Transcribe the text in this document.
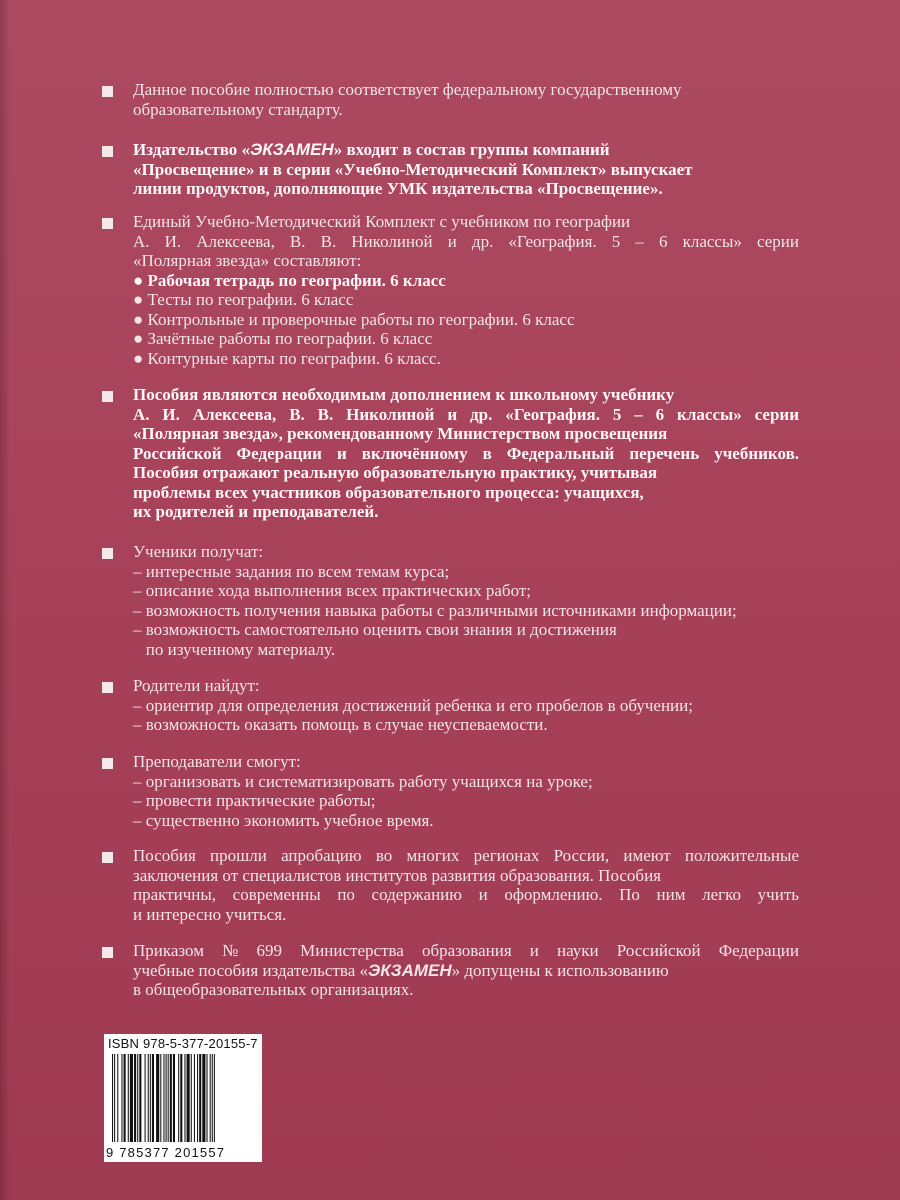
Данное пособие полностью соответствует федеральному государственному
образовательному стандарту.
Издательство «ЭКЗАМЕН» входит в состав группы компаний
«Просвещение» и в серии «Учебно-Методический Комплект» выпускает
линии продуктов, дополняющие УМК издательства «Просвещение».
Единый Учебно-Методический Комплект с учебником по географии
А. И. Алексеева, В. В. Николиной и др. «География. 5 – 6 классы» серии
«Полярная звезда» составляют:
● Рабочая тетрадь по географии. 6 класс
● Тесты по географии. 6 класс
● Контрольные и проверочные работы по географии. 6 класс
● Зачётные работы по географии. 6 класс
● Контурные карты по географии. 6 класс.
Пособия являются необходимым дополнением к школьному учебнику
А. И. Алексеева, В. В. Николиной и др. «География. 5 – 6 классы» серии
«Полярная звезда», рекомендованному Министерством просвещения
Российской Федерации и включённому в Федеральный перечень учебников.
Пособия отражают реальную образовательную практику, учитывая
проблемы всех участников образовательного процесса: учащихся,
их родителей и преподавателей.
Ученики получат:
– интересные задания по всем темам курса;
– описание хода выполнения всех практических работ;
– возможность получения навыка работы с различными источниками информации;
– возможность самостоятельно оценить свои знания и достижения
по изученному материалу.
Родители найдут:
– ориентир для определения достижений ребенка и его пробелов в обучении;
– возможность оказать помощь в случае неуспеваемости.
Преподаватели смогут:
– организовать и систематизировать работу учащихся на уроке;
– провести практические работы;
– существенно экономить учебное время.
Пособия прошли апробацию во многих регионах России, имеют положительные
заключения от специалистов институтов развития образования. Пособия
практичны, современны по содержанию и оформлению. По ним легко учить
и интересно учиться.
Приказом № 699 Министерства образования и науки Российской Федерации
учебные пособия издательства «ЭКЗАМЕН» допущены к использованию
в общеобразовательных организациях.
ISBN 978-5-377-20155-7
9 785377 201557
